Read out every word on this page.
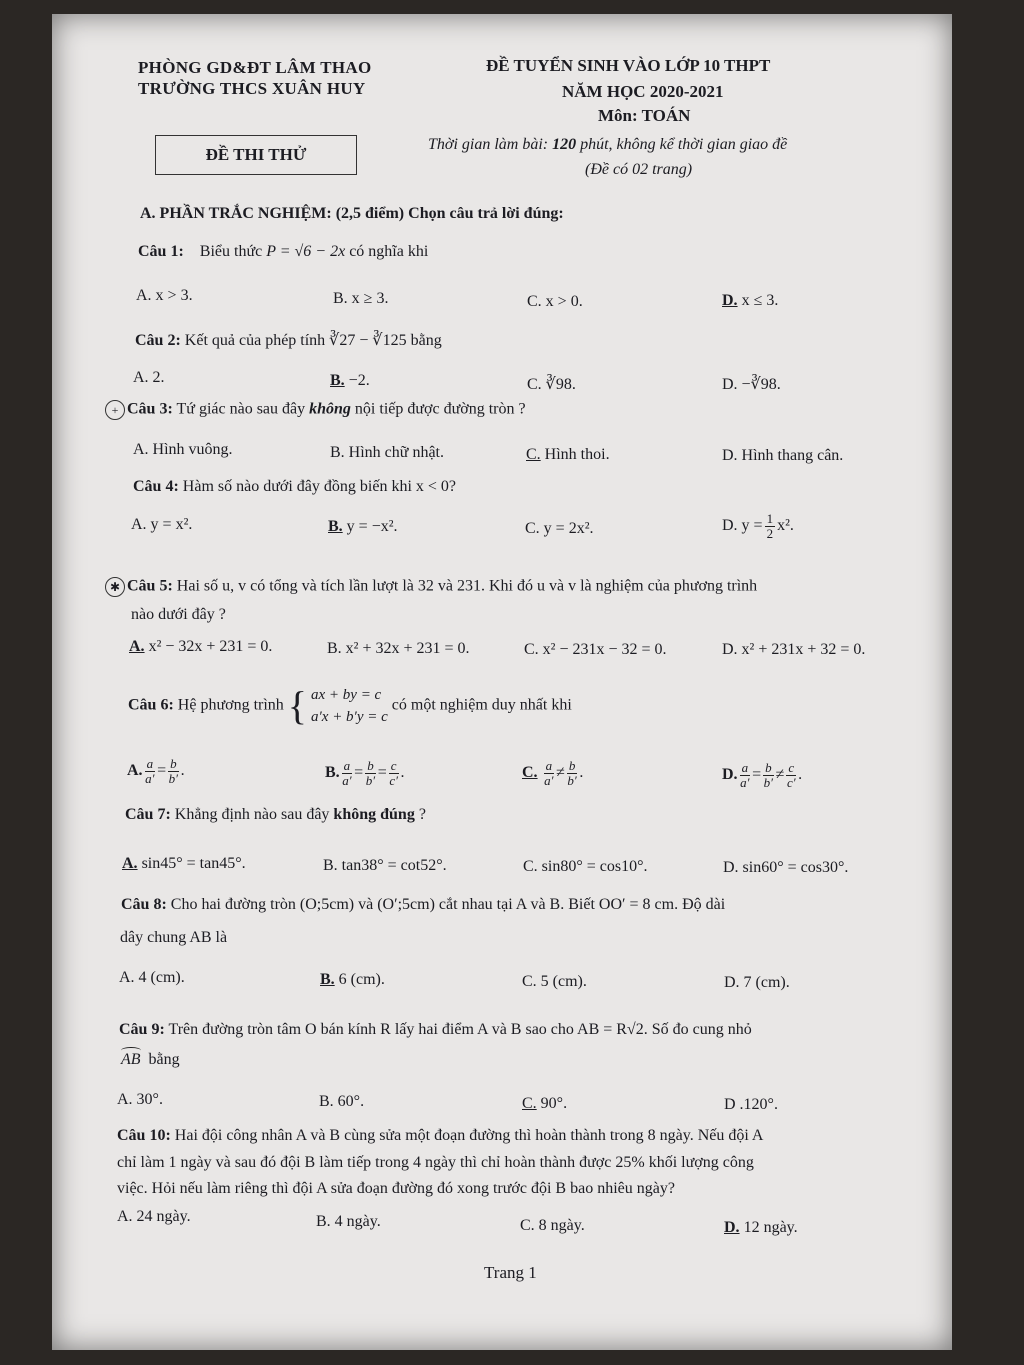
PHÒNG GD&ĐT LÂM THAO
TRƯỜNG THCS XUÂN HUY
ĐỀ TUYỂN SINH VÀO LỚP 10 THPT
NĂM HỌC 2020-2021
Môn: TOÁN
ĐỀ THI THỬ
Thời gian làm bài: 120 phút, không kể thời gian giao đề
(Đề có 02 trang)
A. PHẦN TRẮC NGHIỆM: (2,5 điểm) Chọn câu trả lời đúng:
Câu 1: Biểu thức P = √6 − 2x có nghĩa khi
A. x > 3.	B. x ≥ 3.	C. x > 0.	D. x ≤ 3.
Câu 2: Kết quả của phép tính ∛27 − ∛125 bằng
A. 2.	B. −2.	C. ∛98.	D. −∛98.
+ Câu 3: Tứ giác nào sau đây không nội tiếp được đường tròn ?
A. Hình vuông.	B. Hình chữ nhật.	C. Hình thoi.	D. Hình thang cân.
Câu 4: Hàm số nào dưới đây đồng biến khi x < 0?
A. y = x².	B. y = −x².	C. y = 2x².	D. $y = \frac{1}{2} x^2$.
✱ Câu 5: Hai số u, v có tổng và tích lần lượt là 32 và 231. Khi đó u và v là nghiệm của phương trình
nào dưới đây ?
A. x² − 32x + 231 = 0.	B. x² + 32x + 231 = 0.	C. x² − 231x − 32 = 0.	D. x² + 231x + 32 = 0.
Câu 6: Hệ phương trình { ax + by = c
a′x + b′y = c
có một nghiệm duy nhất khi
A. $\frac{a}{a'} = \frac{b}{b'}$ .	B. $\frac{a}{a'} = \frac{b}{b'} = \frac{c}{c'}$ .	C. $\frac{a}{a'} \ne \frac{b}{b'}$ .	D. $\frac{a}{a'} = \frac{b}{b'} \ne \frac{c}{c'}$ .
Câu 7: Khẳng định nào sau đây không đúng ?
A. sin45° = tan45°.	B. tan38° = cot52°.	C. sin80° = cos10°.	D. sin60° = cos30°.
Câu 8: Cho hai đường tròn (O;5cm) và (O′;5cm) cắt nhau tại A và B. Biết OO′ = 8 cm. Độ dài
dây chung AB là
A. 4 (cm).	B. 6 (cm).	C. 5 (cm).	D. 7 (cm).
Câu 9: Trên đường tròn tâm O bán kính R lấy hai điểm A và B sao cho AB = R√2. Số đo cung nhỏ
AB bằng
A. 30°.	B. 60°.	C. 90°.	D .120°.
Câu 10: Hai đội công nhân A và B cùng sửa một đoạn đường thì hoàn thành trong 8 ngày. Nếu đội A
chỉ làm 1 ngày và sau đó đội B làm tiếp trong 4 ngày thì chỉ hoàn thành được 25% khối lượng công
việc. Hỏi nếu làm riêng thì đội A sửa đoạn đường đó xong trước đội B bao nhiêu ngày?
A. 24 ngày.	B. 4 ngày.	C. 8 ngày.	D. 12 ngày.
Trang 1
